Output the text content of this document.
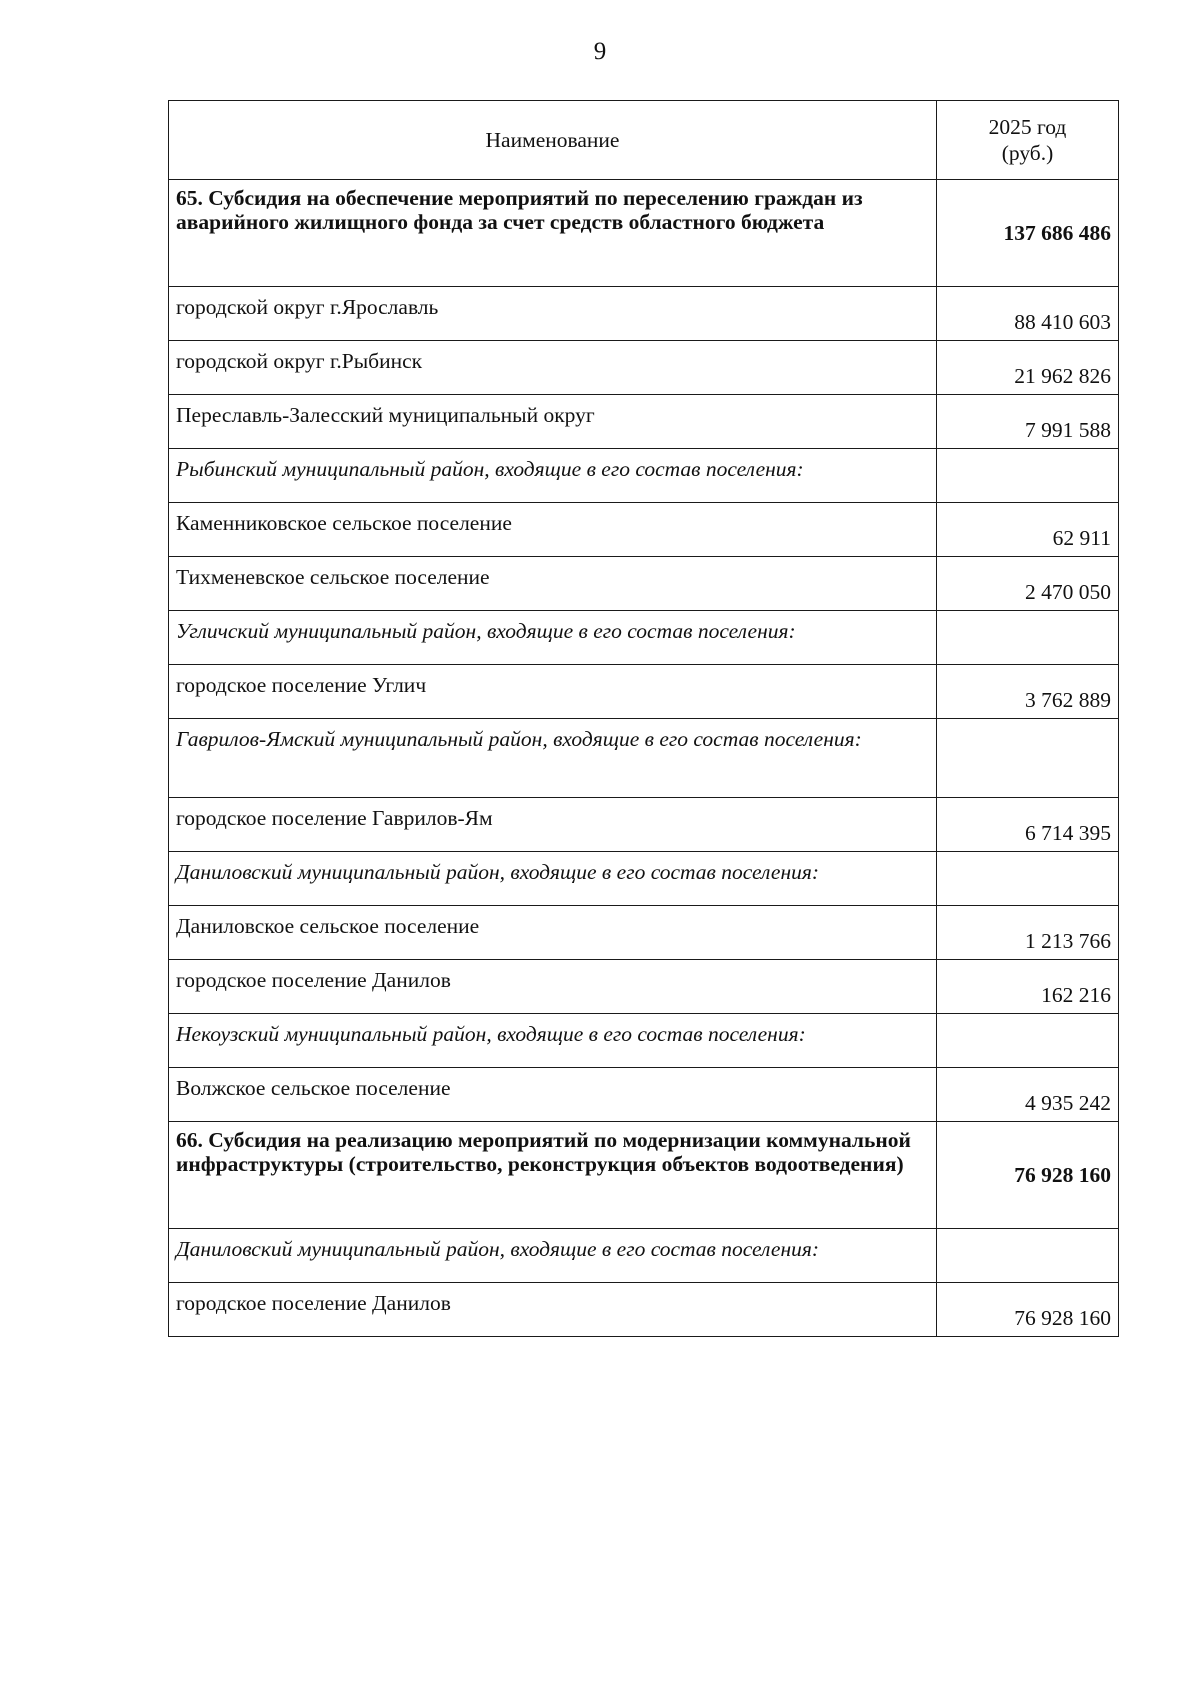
9
Наименование	2025 год
(руб.)
65. Субсидия на обеспечение мероприятий по переселению граждан из аварийного жилищного фонда за счет средств областного бюджета	137 686 486
городской округ г.Ярославль	88 410 603
городской округ г.Рыбинск	21 962 826
Переславль-Залесский муниципальный округ	7 991 588
Рыбинский муниципальный район, входящие в его состав поселения:	
Каменниковское сельское поселение	62 911
Тихменевское сельское поселение	2 470 050
Угличский муниципальный район, входящие в его состав поселения:	
городское поселение Углич	3 762 889
Гаврилов-Ямский муниципальный район, входящие в его состав поселения:	
городское поселение Гаврилов-Ям	6 714 395
Даниловский муниципальный район, входящие в его состав поселения:	
Даниловское сельское поселение	1 213 766
городское поселение Данилов	162 216
Некоузский муниципальный район, входящие в его состав поселения:	
Волжское сельское поселение	4 935 242
66. Субсидия на реализацию мероприятий по модернизации коммунальной инфраструктуры (строительство, реконструкция объектов водоотведения)	76 928 160
Даниловский муниципальный район, входящие в его состав поселения:	
городское поселение Данилов	76 928 160
